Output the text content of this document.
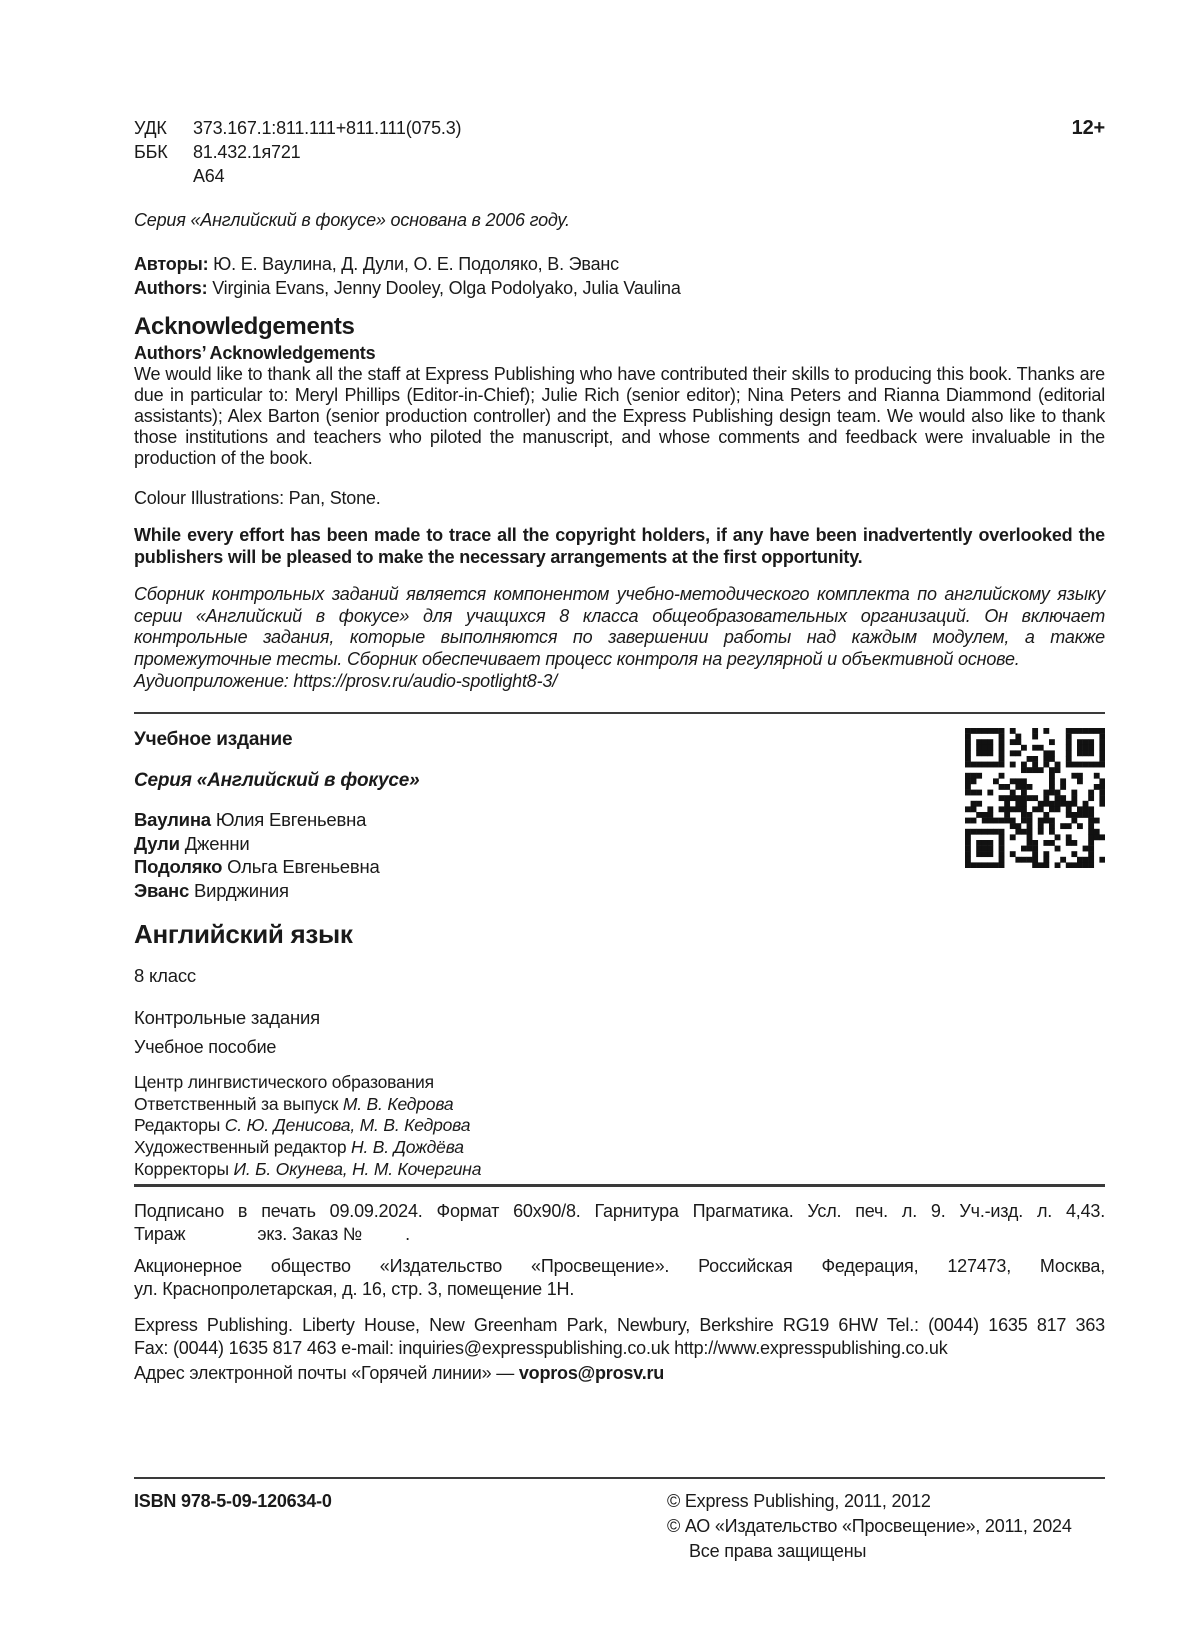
УДК 373.167.1:811.111+811.111(075.3)
ББК 81.432.1я721
А64
12+

Серия «Английский в фокусе» основана в 2006 году.

Авторы: Ю. Е. Ваулина, Д. Дули, О. Е. Подоляко, В. Эванс

Authors: Virginia Evans, Jenny Dooley, Olga Podolyako, Julia Vaulina

Acknowledgements
Authors’ Acknowledgements

We would like to thank all the staff at Express Publishing who have contributed their skills to producing this book. Thanks are due in particular to: Meryl Phillips (Editor-in-Chief); Julie Rich (senior editor); Nina Peters and Rianna Diammond (editorial assistants); Alex Barton (senior production controller) and the Express Publishing design team. We would also like to thank those institutions and teachers who piloted the manuscript, and whose comments and feedback were invaluable in the production of the book.

Colour Illustrations: Pan, Stone.

While every effort has been made to trace all the copyright holders, if any have been inadvertently overlooked the publishers will be pleased to make the necessary arrangements at the first opportunity.

Сборник контрольных заданий является компонентом учебно-методического комплекта по английскому языку серии «Английский в фокусе» для учащихся 8 класса общеобразовательных организаций. Он включает контрольные задания, которые выполняются по завершении работы над каждым модулем, а также промежуточные тесты. Сборник обеспечивает процесс контроля на регулярной и объективной основе.

Аудиоприложение: https://prosv.ru/audio-spotlight8-3/

Учебное издание

Серия «Английский в фокусе»

Ваулина Юлия Евгеньевна

Дули Дженни

Подоляко Ольга Евгеньевна

Эванс Вирджиния

Английский язык

8 класс

Контрольные задания

Учебное пособие

Центр лингвистического образования

Ответственный за выпуск М. В. Кедрова

Редакторы С. Ю. Денисова, М. В. Кедрова

Художественный редактор Н. В. Дождёва

Корректоры И. Б. Окунева, Н. М. Кочергина

Подписано в печать 09.09.2024. Формат 60х90/8. Гарнитура Прагматика. Усл. печ. л. 9. Уч.-изд. л. 4,43.

Тираж               экз. Заказ №         .

Акционерное общество «Издательство «Просвещение». Российская Федерация, 127473, Москва,

ул. Краснопролетарская, д. 16, стр. 3, помещение 1Н.

Express Publishing. Liberty House, New Greenham Park, Newbury, Berkshire RG19 6HW Tel.: (0044) 1635 817 363

Fax: (0044) 1635 817 463 e-mail: inquiries@expresspublishing.co.uk http://www.expresspublishing.co.uk

Адрес электронной почты «Горячей линии» — vopros@prosv.ru

ISBN 978-5-09-120634-0	© Express Publishing, 2011, 2012

© АО «Издательство «Просвещение», 2011, 2024

Все права защищены
